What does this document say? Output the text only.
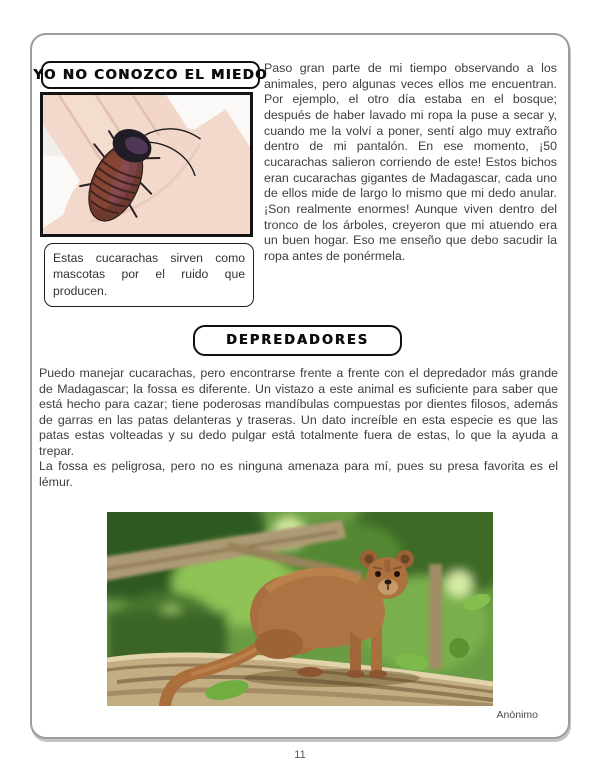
YO NO CONOZCO EL MIEDO

Estas cucarachas sirven como mascotas por el ruido que producen.

Paso gran parte de mi tiempo observando a los animales, pero algunas veces ellos me encuentran. Por ejemplo, el otro día estaba en el bosque; después de haber lavado mi ropa la puse a secar y, cuando me la volví a poner, sentí algo muy extraño dentro de mi pantalón. En ese momento, ¡50 cucarachas salieron corriendo de este! Estos bichos eran cucarachas gigantes de Madagascar, cada uno de ellos mide de largo lo mismo que mi dedo anular. ¡Son realmente enormes! Aunque viven dentro del tronco de los árboles, creyeron que mi atuendo era un buen hogar. Eso me enseño que debo sacudir la ropa antes de ponérmela.
DEPREDADORES

Puedo manejar cucarachas, pero encontrarse frente a frente con el depredador más grande de Madagascar; la fossa es diferente. Un vistazo a este animal es suficiente para saber que está hecho para cazar; tiene poderosas mandíbulas compuestas por dientes filosos, además de garras en las patas delanteras y traseras. Un dato increíble en esta especie es que las patas estas volteadas y su dedo pulgar está totalmente fuera de estas, lo que la ayuda a trepar.

La fossa es peligrosa, pero no es ninguna amenaza para mí, pues su presa favorita es el lémur.

Anònimo
11
